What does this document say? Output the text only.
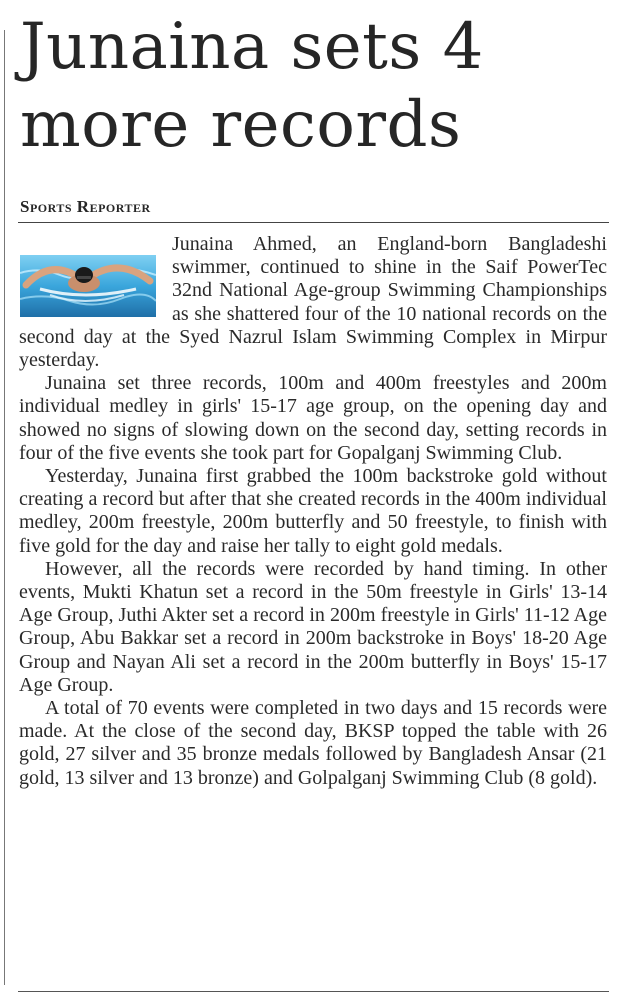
Junaina sets 4 more records
Sports Reporter

Junaina Ahmed, an England-born Bangladeshi swimmer, continued to shine in the Saif PowerTec 32nd National Age-group Swimming Championships as she shattered four of the 10 national records on the second day at the Syed Nazrul Islam Swimming Complex in Mirpur yesterday.

Junaina set three records, 100m and 400m freestyles and 200m individual medley in girls' 15-17 age group, on the opening day and showed no signs of slowing down on the second day, setting records in four of the five events she took part for Gopalganj Swimming Club.

Yesterday, Junaina first grabbed the 100m backstroke gold without creating a record but after that she created records in the 400m individual medley, 200m freestyle, 200m butterfly and 50 freestyle, to finish with five gold for the day and raise her tally to eight gold medals.

However, all the records were recorded by hand timing. In other events, Mukti Khatun set a record in the 50m freestyle in Girls' 13-14 Age Group, Juthi Akter set a record in 200m freestyle in Girls' 11-12 Age Group, Abu Bakkar set a record in 200m backstroke in Boys' 18-20 Age Group and Nayan Ali set a record in the 200m butterfly in Boys' 15-17 Age Group.

A total of 70 events were completed in two days and 15 records were made. At the close of the second day, BKSP topped the table with 26 gold, 27 silver and 35 bronze medals followed by Bangladesh Ansar (21 gold, 13 silver and 13 bronze) and Golpalganj Swimming Club (8 gold).
